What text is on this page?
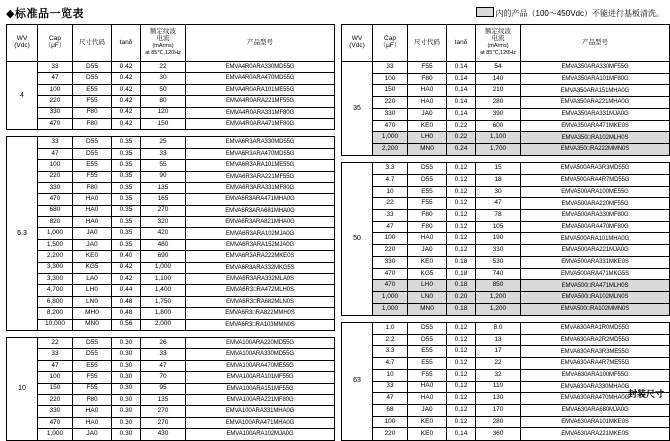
◆标准品一览表	内的产品（100～450Vdc）不能进行基板清洗。
WV
(Vdc)	Cap
（μF）	尺寸代码	tanδ	额定纹波
电流
(mArms)
at 85℃,120Hz	产品型号
4	33	D55	0.42	22	EMVA4R0ARA330MD55G
	47	D55	0.42	30	EMVA4R0ARA470MD55G
	100	E55	0.42	50	EMVA4R0ARA101ME55G
	220	F55	0.42	80	EMVA4R0ARA221MF55G
	330	F80	0.42	120	EMVA4R0ARA331MF80G
	470	F80	0.42	150	EMVA4R0ARA471MF80G

6.3	33	D55	0.35	25	EMVA6R3ARA330MD55G
	47	D55	0.35	33	EMVA6R3ARA470MD55G
	100	E55	0.35	55	EMVA6R3ARA101ME55G
	220	F55	0.35	90	EMVA6R3ARA221MF55G
	330	F80	0.35	135	EMVA6R3ARA331MF80G
	470	HA0	0.35	165	EMVA6R3ARA471MHA0G
	680	HA0	0.35	270	EMVA6R3ARA681MHA0G
	820	HA0	0.35	320	EMVA6R3ARA821MHA0G
	1,000	JA0	0.35	420	EMVA6R3ARA102MJA0G
	1,500	JA0	0.35	480	EMVA6R3ARA152MJA0G
	2,200	KE0	0.40	690	EMVA6R3ARA222MKE0S
	3,300	KG5	0.42	1,000	EMVA6R3ARA332MKG5S
	3,300	LA0	0.42	1,100	EMVA6R3ARA332MLA0S
	4,700	LH0	0.44	1,400	EMVA6R3□RA472MLH0S
	6,800	LN0	0.48	1,750	EMVA6R3□RA682MLN0S
	8,200	MH0	0.48	1,800	EMVA6R3□RA822MMH0S
	10,000	MN0	0.56	2,000	EMVA6R3□RA103MMN0S

10	22	D55	0.30	26	EMVA100ARA220MD55G
	33	D55	0.30	33	EMVA100ARA330MD55G
	47	E55	0.30	47	EMVA100ARA470ME55G
	100	F55	0.30	70	EMVA100ARA101MF55G
	150	F55	0.30	95	EMVA100ARA151MF55G
	220	F80	0.30	135	EMVA100ARA221MF80G
	330	HA0	0.30	270	EMVA100ARA331MHA0G
	470	HA0	0.30	270	EMVA100ARA471MHA0G
	1,000	JA0	0.30	430	EMVA100ARA102MJA0G
WV
(Vdc)	Cap
（μF）	尺寸代码	tanδ	额定纹波
电流
(mArms)
at 85℃,120Hz	产品型号
35	33	F55	0.14	54	EMVA350ARA330MF55G
	100	F80	0.14	140	EMVA350ARA101MF80G
	150	HA0	0.14	210	EMVA350ARA151MHA0G
	220	HA0	0.14	280	EMVA350ARA221MHA0G
	330	JA0	0.14	390	EMVA350ARA331MJA0G
	470	KE0	0.22	600	EMVA350ARA471MKE0S
	1,000	LH0	0.22	1,100	EMVA350□RA102MLH0S
	2,200	MN0	0.24	1,700	EMVA350□RA222MMN0S

50	3.3	D55	0.12	15	EMVA500ARA3R3MD55G
	4.7	D55	0.12	18	EMVA500ARA4R7MD55G
	10	E55	0.12	30	EMVA500ARA100ME55G
	22	F55	0.12	47	EMVA500ARA220MF55G
	33	F80	0.12	78	EMVA500ARA330MF80G
	47	F80	0.12	105	EMVA500ARA470MF80G
	100	HA0	0.12	190	EMVA500ARA101MHA0G
	220	JA0	0.12	330	EMVA500ARA221MJA0G
	330	KE0	0.18	530	EMVA500ARA331MKE0S
	470	KG5	0.18	740	EMVA500ARA471MKG5S
	470	LH0	0.18	850	EMVA500□RA471MLH0S
	1,000	LN0	0.20	1,200	EMVA500□RA102MLN0S
	1,000	MN0	0.18	1,200	EMVA500□RA102MMN0S

63	1.0	D55	0.12	8.0	EMVA630ARA1R0MD55G
	2.2	D55	0.12	13	EMVA630ARA2R2MD55G
	3.3	E55	0.12	17	EMVA630ARA3R3ME55G
	4.7	E55	0.12	22	EMVA630ARA4R7ME55G
	10	F55	0.12	32	EMVA630ARA100MF55G
	33	HA0	0.12	110	EMVA630ARA330MHA0G
	47	HA0	0.12	130	EMVA630ARA470MHA0G
	68	JA0	0.12	170	EMVA630ARA680MJA0G
	100	KE0	0.12	280	EMVA630ARA101MKE0S
	220	KE0	0.14	360	EMVA630ARA221MKE0S
封装尺寸
